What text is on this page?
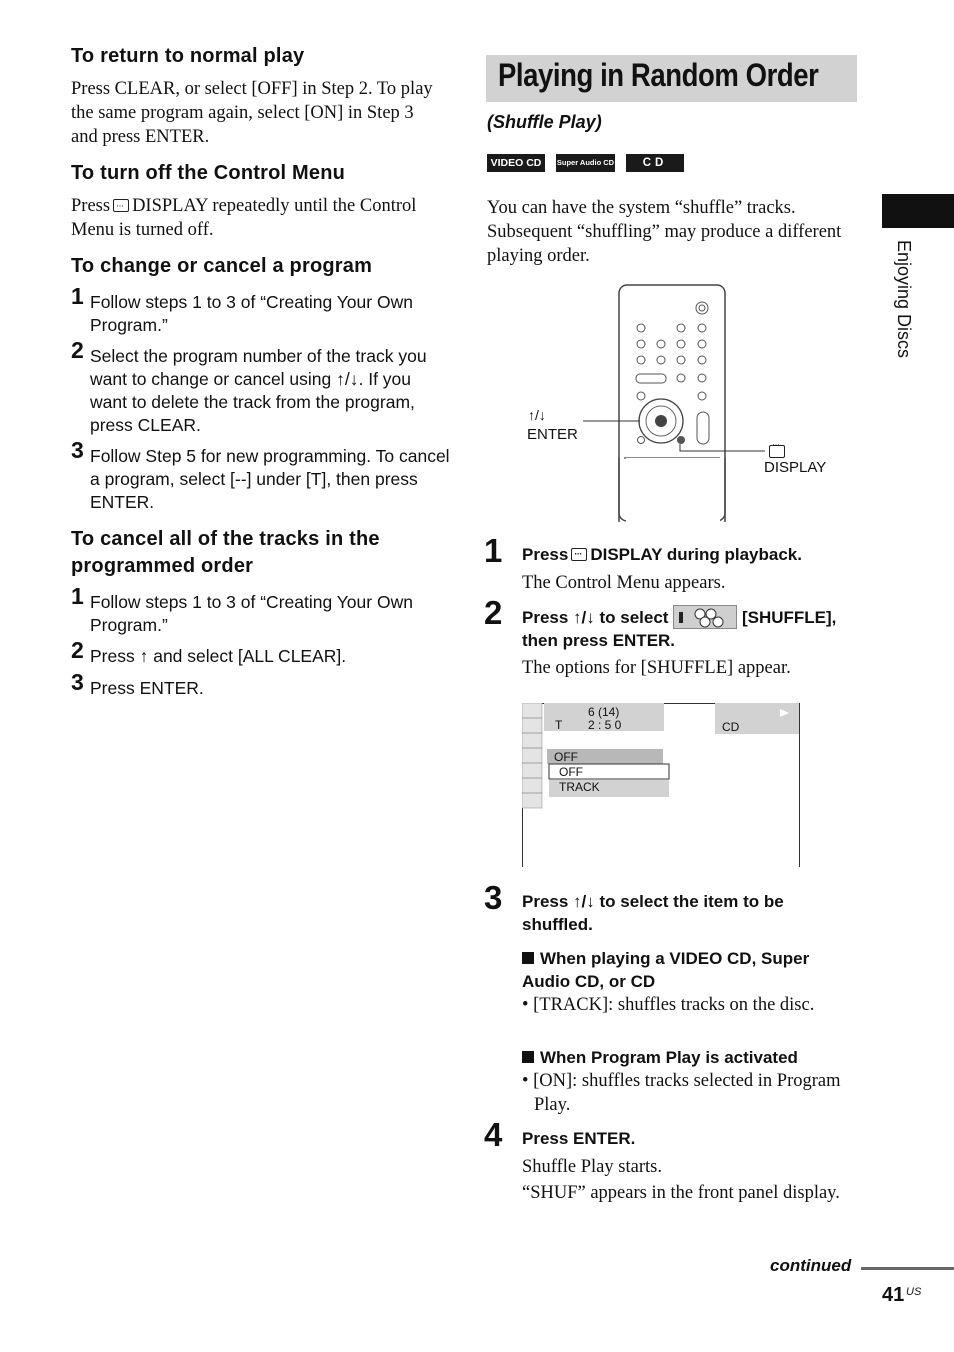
To return to normal play
Press CLEAR, or select [OFF] in Step 2. To play the same program again, select [ON] in Step 3 and press ENTER.
To turn off the Control Menu
Press ··· DISPLAY repeatedly until the Control Menu is turned off.
To change or cancel a program
1 Follow steps 1 to 3 of “Creating Your Own Program.”
2 Select the program number of the track you want to change or cancel using ↑/↓. If you want to delete the track from the program, press CLEAR.
3 Follow Step 5 for new programming. To cancel a program, select [--] under [T], then press ENTER.
To cancel all of the tracks in the programmed order
1 Follow steps 1 to 3 of “Creating Your Own Program.”
2 Press ↑ and select [ALL CLEAR].
3 Press ENTER.
Playing in Random Order
(Shuffle Play)
VIDEO CD	Super Audio CD	CD
You can have the system “shuffle” tracks. Subsequent “shuffling” may produce a different playing order.
↑/↓
ENTER
···
DISPLAY
1 Press ··· DISPLAY during playback.
The Control Menu appears.
2 Press ↑/↓ to select	[SHUFFLE],
then press ENTER.
The options for [SHUFFLE] appear.
6 (14)
T 2 : 5 0	CD
OFF
OFF
TRACK
3 Press ↑/↓ to select the item to be shuffled.
When playing a VIDEO CD, Super Audio CD, or CD
• [TRACK]: shuffles tracks on the disc.
When Program Play is activated
• [ON]: shuffles tracks selected in Program Play.
4 Press ENTER.
Shuffle Play starts.
“SHUF” appears in the front panel display.
Enjoying Discs
continued
41 US
